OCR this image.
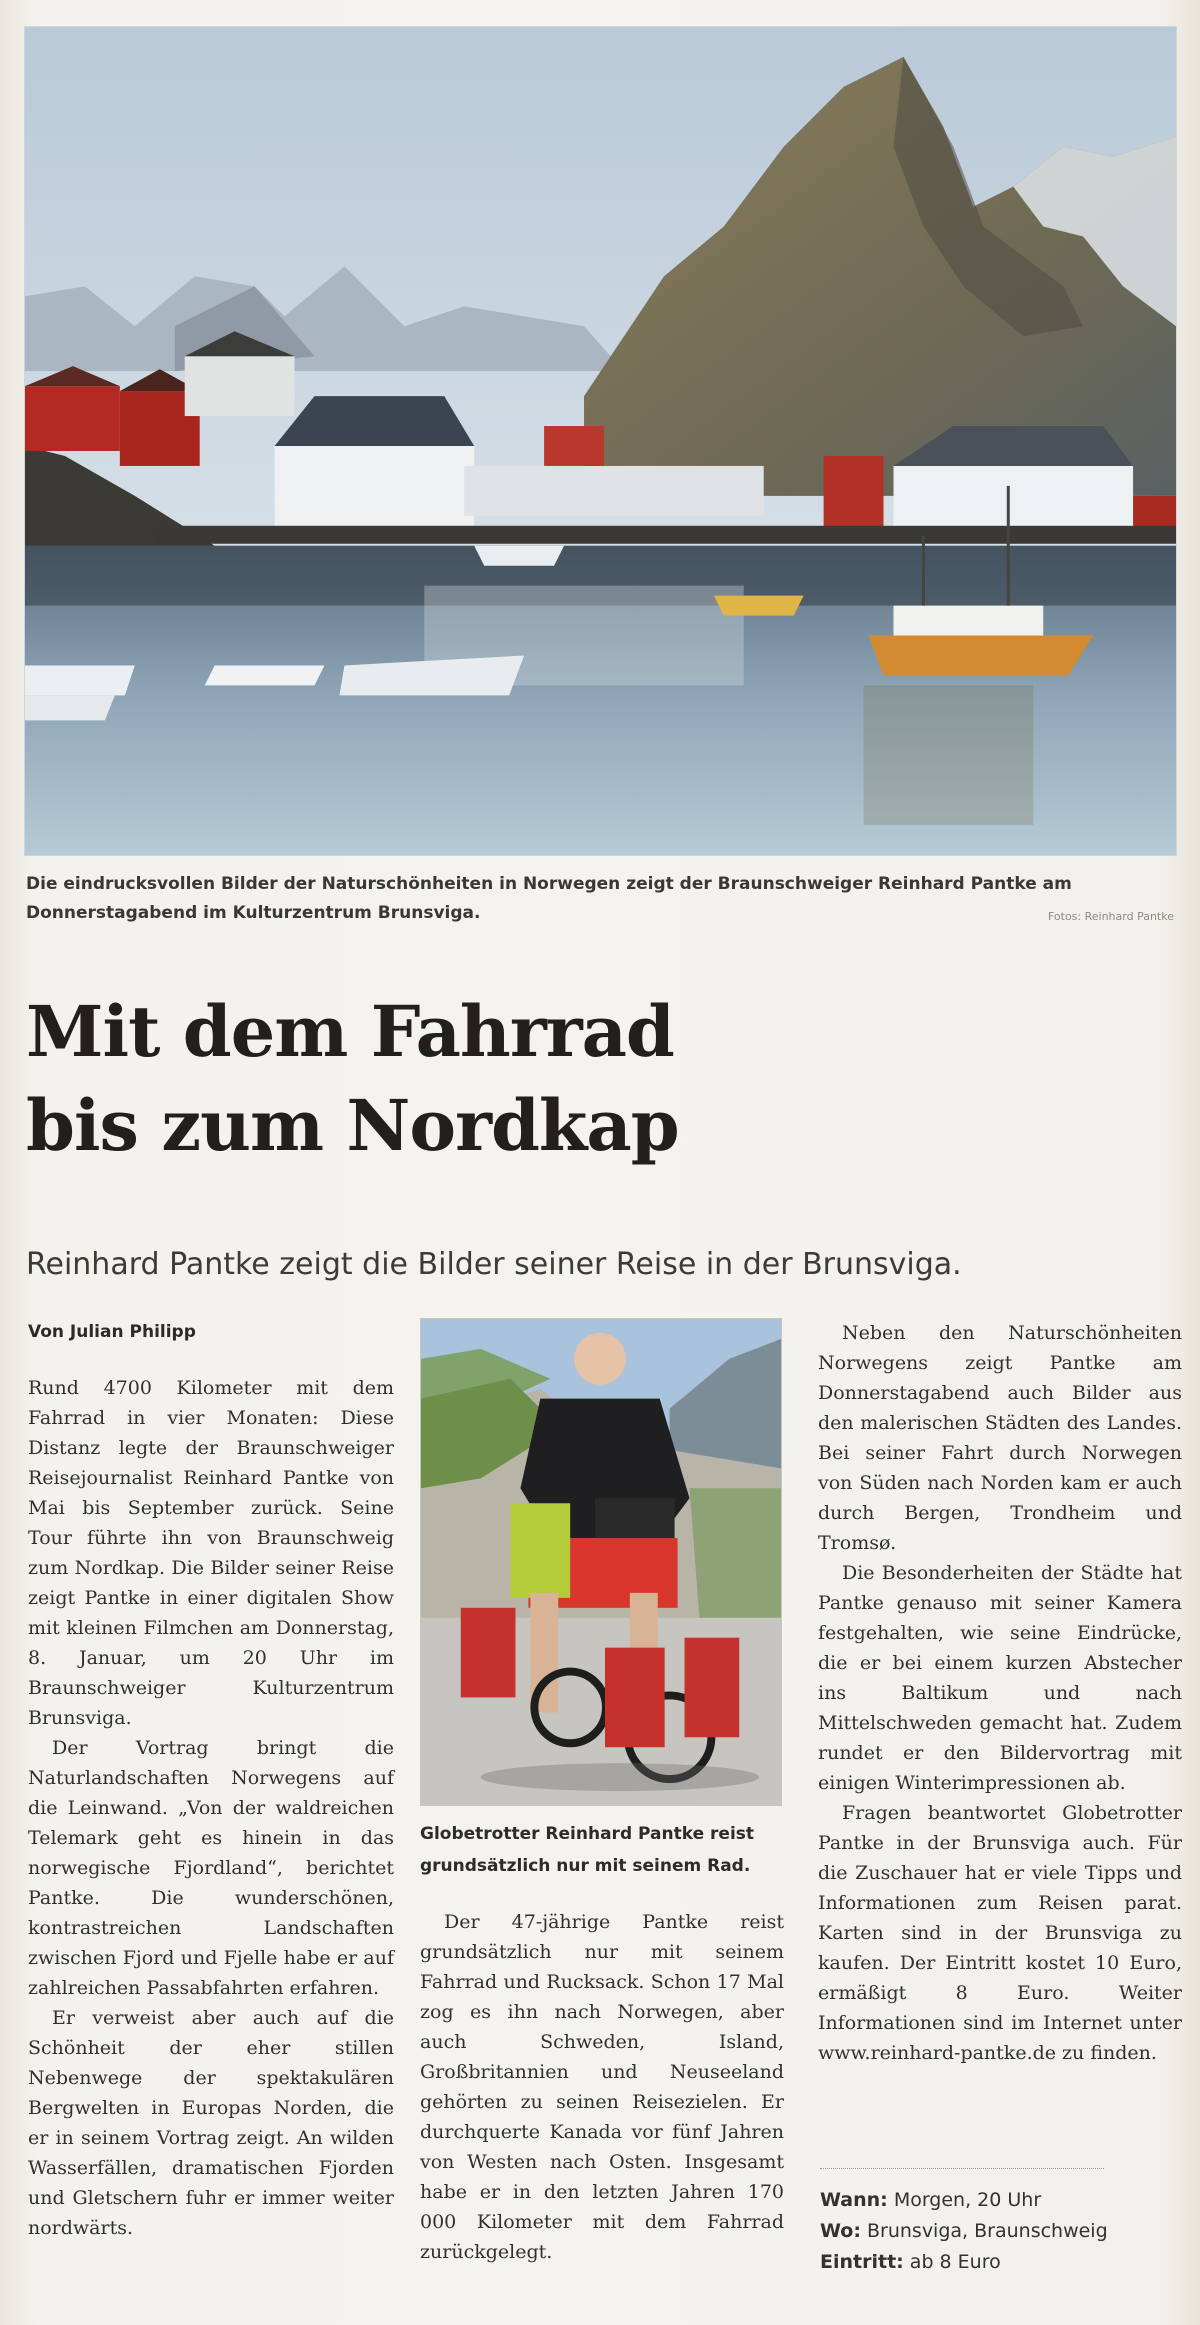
Die eindrucksvollen Bilder der Naturschönheiten in Norwegen zeigt der Braunschweiger Reinhard Pantke am Donnerstagabend im Kulturzentrum Brunsviga.	Fotos: Reinhard Pantke
Mit dem Fahrrad
bis zum Nordkap
Reinhard Pantke zeigt die Bilder seiner Reise in der Brunsviga.
Von Julian Philipp

Rund 4700 Kilometer mit dem Fahrrad in vier Monaten: Diese Distanz legte der Braunschweiger Reisejournalist Reinhard Pantke von Mai bis September zurück. Seine Tour führte ihn von Braunschweig zum Nordkap. Die Bilder seiner Reise zeigt Pantke in einer digitalen Show mit kleinen Filmchen am Donnerstag, 8. Januar, um 20 Uhr im Braunschweiger Kulturzentrum Brunsviga.

Der Vortrag bringt die Naturlandschaften Norwegens auf die Leinwand. „Von der waldreichen Telemark geht es hinein in das norwegische Fjordland“, berichtet Pantke. Die wunderschönen, kontrastreichen Landschaften zwischen Fjord und Fjelle habe er auf zahlreichen Passabfahrten erfahren.

Er verweist aber auch auf die Schönheit der eher stillen Nebenwege der spektakulären Bergwelten in Europas Norden, die er in seinem Vortrag zeigt. An wilden Wasserfällen, dramatischen Fjorden und Gletschern fuhr er immer weiter nordwärts.

Globetrotter Reinhard Pantke reist grundsätzlich nur mit seinem Rad.

Der 47-jährige Pantke reist grundsätzlich nur mit seinem Fahrrad und Rucksack. Schon 17 Mal zog es ihn nach Norwegen, aber auch Schweden, Island, Großbritannien und Neuseeland gehörten zu seinen Reisezielen. Er durchquerte Kanada vor fünf Jahren von Westen nach Osten. Insgesamt habe er in den letzten Jahren 170 000 Kilometer mit dem Fahrrad zurückgelegt.

Neben den Naturschönheiten Norwegens zeigt Pantke am Donnerstagabend auch Bilder aus den malerischen Städten des Landes. Bei seiner Fahrt durch Norwegen von Süden nach Norden kam er auch durch Bergen, Trondheim und Tromsø.

Die Besonderheiten der Städte hat Pantke genauso mit seiner Kamera festgehalten, wie seine Eindrücke, die er bei einem kurzen Abstecher ins Baltikum und nach Mittelschweden gemacht hat. Zudem rundet er den Bildervortrag mit einigen Winterimpressionen ab.

Fragen beantwortet Globetrotter Pantke in der Brunsviga auch. Für die Zuschauer hat er viele Tipps und Informationen zum Reisen parat. Karten sind in der Brunsviga zu kaufen. Der Eintritt kostet 10 Euro, ermäßigt 8 Euro. Weiter Informationen sind im Internet unter www.reinhard-pantke.de zu finden.

Wann: Morgen, 20 Uhr
Wo: Brunsviga, Braunschweig
Eintritt: ab 8 Euro
